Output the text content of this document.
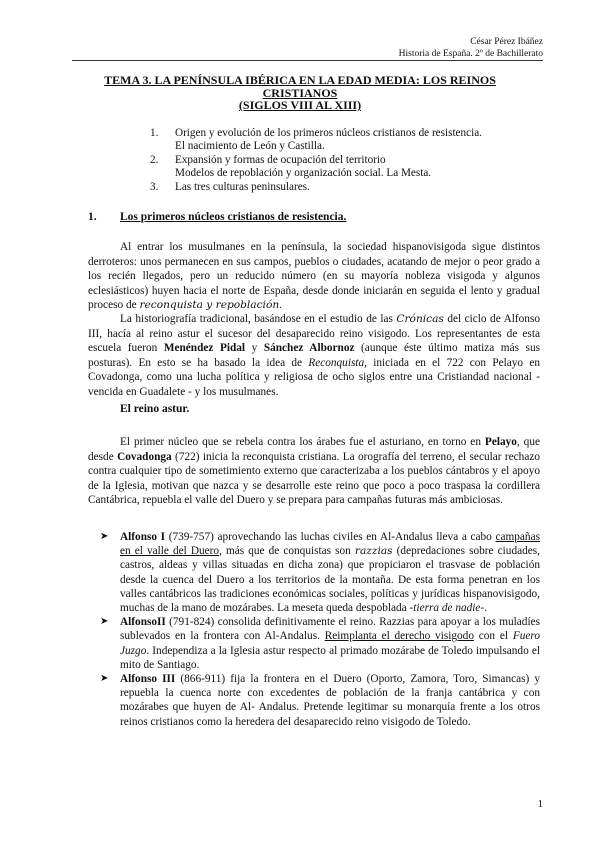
César Pérez Ibáñez
Historia de España. 2º de Bachillerato
TEMA 3. LA PENÍNSULA IBÉRICA EN LA EDAD MEDIA: LOS REINOS
CRISTIANOS
(SIGLOS VIII AL XIII)
1.	Origen y evolución de los primeros núcleos cristianos de resistencia.
El nacimiento de León y Castilla.
2.	Expansión y formas de ocupación del territorio
Modelos de repoblación y organización social. La Mesta.
3.	Las tres culturas peninsulares.
1. Los primeros núcleos cristianos de resistencia.
Al entrar los musulmanes en la península, la sociedad hispanovisigoda sigue distintos derroteros: unos permanecen en sus campos, pueblos o ciudades, acatando de mejor o peor grado a los recién llegados, pero un reducido número (en su mayoría nobleza visigoda y algunos eclesiásticos) huyen hacia el norte de España, desde donde iniciarán en seguida el lento y gradual proceso de reconquista y repoblación.
La historiografía tradicional, basándose en el estudio de las Crónicas del ciclo de Alfonso III, hacía al reino astur el sucesor del desaparecido reino visigodo. Los representantes de esta escuela fueron Menéndez Pidal y Sánchez Albornoz (aunque éste último matiza más sus posturas). En esto se ha basado la idea de Reconquista, iniciada en el 722 con Pelayo en Covadonga, como una lucha política y religiosa de ocho siglos entre una Cristiandad nacional - vencida en Guadalete - y los musulmanes.
El reino astur.
El primer núcleo que se rebela contra los árabes fue el asturiano, en torno en Pelayo, que desde Covadonga (722) inicia la reconquista cristiana. La orografía del terreno, el secular rechazo contra cualquier tipo de sometimiento externo que caracterizaba a los pueblos cántabros y el apoyo de la Iglesia, motivan que nazca y se desarrolle este reino que poco a poco traspasa la cordillera Cantábrica, repuebla el valle del Duero y se prepara para campañas futuras más ambiciosas.
➤	Alfonso I (739-757) aprovechando las luchas civiles en Al-Andalus lleva a cabo campañas en el valle del Duero, más que de conquistas son razzias (depredaciones sobre ciudades, castros, aldeas y villas situadas en dicha zona) que propiciaron el trasvase de población desde la cuenca del Duero a los territorios de la montaña. De esta forma penetran en los valles cantábricos las tradiciones económicas sociales, políticas y jurídicas hispanovisigodo, muchas de la mano de mozárabes. La meseta queda despoblada -tierra de nadie-.
➤	AlfonsoII (791-824) consolida definitivamente el reino. Razzias para apoyar a los muladíes sublevados en la frontera con Al-Andalus. Reimplanta el derecho visigodo con el Fuero Juzgo. Independiza a la Iglesia astur respecto al primado mozárabe de Toledo impulsando el mito de Santiago.
➤	Alfonso III (866-911) fija la frontera en el Duero (Oporto, Zamora, Toro, Simancas) y repuebla la cuenca norte con excedentes de población de la franja cantábrica y con mozárabes que huyen de Al- Andalus. Pretende legitimar su monarquía frente a los otros reinos cristianos como la heredera del desaparecido reino visigodo de Toledo.
1
